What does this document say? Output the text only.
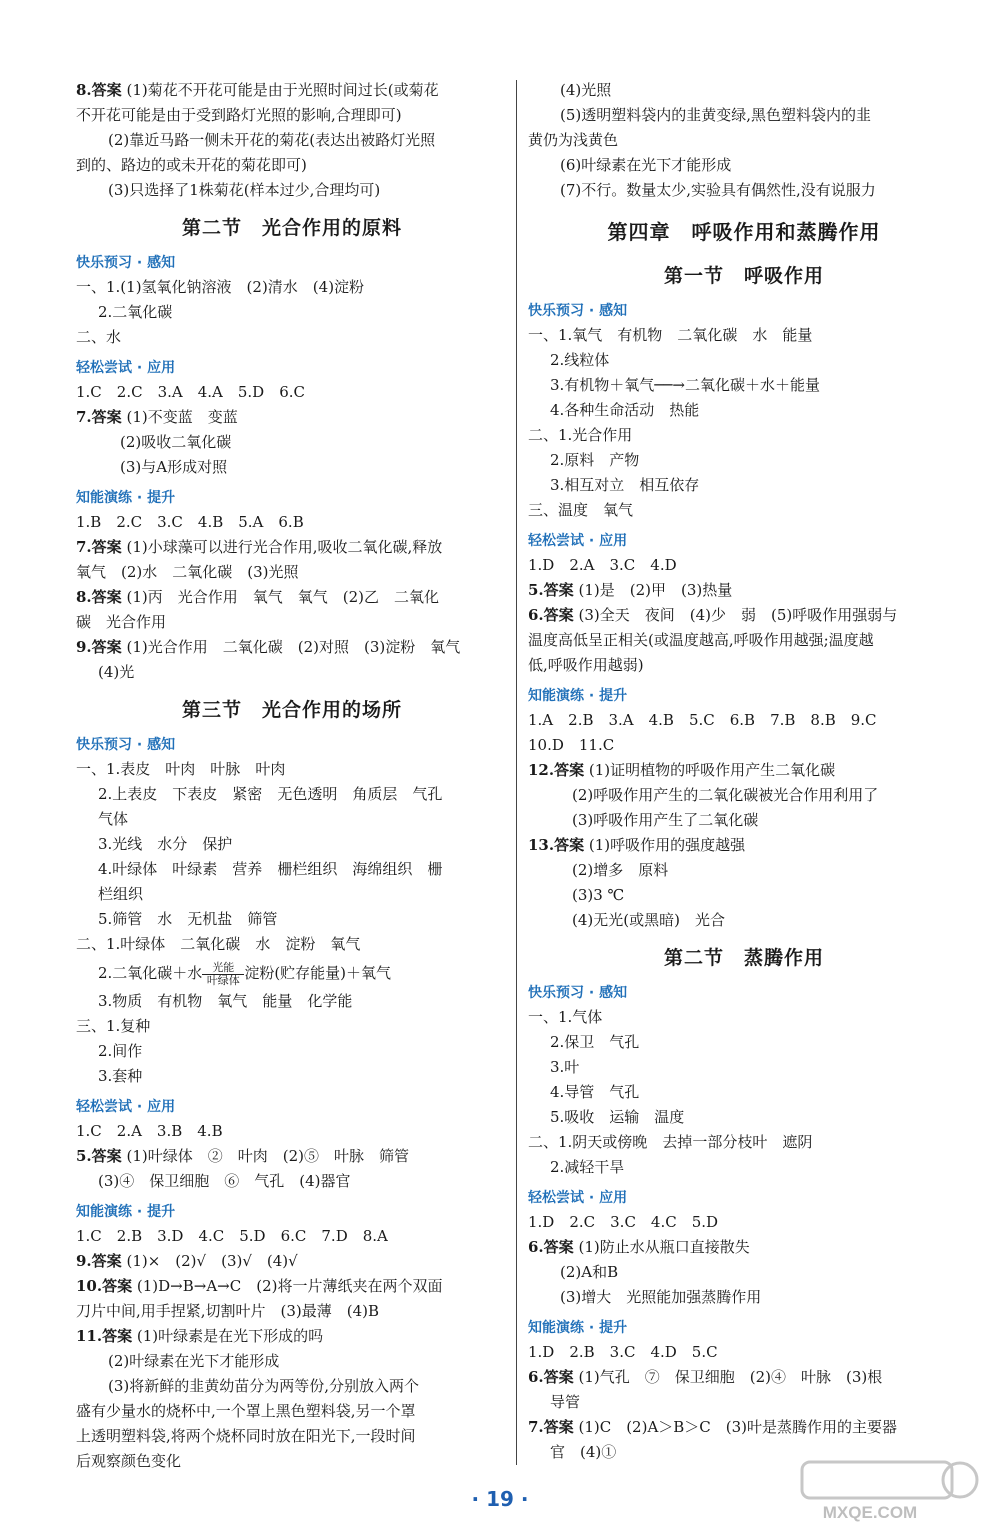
8.答案 (1)菊花不开花可能是由于光照时间过长(或菊花
不开花可能是由于受到路灯光照的影响,合理即可)
(2)靠近马路一侧未开花的菊花(表达出被路灯光照
到的、路边的或未开花的菊花即可)
(3)只选择了1株菊花(样本过少,合理均可)
第二节　光合作用的原料
快乐预习 · 感知
一、1.(1)氢氧化钠溶液　(2)清水　(4)淀粉
2.二氧化碳
二、水
轻松尝试 · 应用
1.C　2.C　3.A　4.A　5.D　6.C
7.答案 (1)不变蓝　变蓝
(2)吸收二氧化碳
(3)与A形成对照
知能演练 · 提升
1.B　2.C　3.C　4.B　5.A　6.B
7.答案 (1)小球藻可以进行光合作用,吸收二氧化碳,释放
氧气　(2)水　二氧化碳　(3)光照
8.答案 (1)丙　光合作用　氧气　氧气　(2)乙　二氧化
碳　光合作用
9.答案 (1)光合作用　二氧化碳　(2)对照　(3)淀粉　氧气
(4)光
第三节　光合作用的场所
快乐预习 · 感知
一、1.表皮　叶肉　叶脉　叶肉
2.上表皮　下表皮　紧密　无色透明　角质层　气孔
气体
3.光线　水分　保护
4.叶绿体　叶绿素　营养　栅栏组织　海绵组织　栅
栏组织
5.筛管　水　无机盐　筛管
二、1.叶绿体　二氧化碳　水　淀粉　氧气
2.二氧化碳＋水 光能
叶绿体 淀粉(贮存能量)＋氧气
3.物质　有机物　氧气　能量　化学能
三、1.复种
2.间作
3.套种
轻松尝试 · 应用
1.C　2.A　3.B　4.B
5.答案 (1)叶绿体　②　叶肉　(2)⑤　叶脉　筛管
(3)④　保卫细胞　⑥　气孔　(4)器官
知能演练 · 提升
1.C　2.B　3.D　4.C　5.D　6.C　7.D　8.A
9.答案 (1)×　(2)√　(3)√　(4)√
10.答案 (1)D→B→A→C　(2)将一片薄纸夹在两个双面
刀片中间,用手捏紧,切割叶片　(3)最薄　(4)B
11.答案 (1)叶绿素是在光下形成的吗
(2)叶绿素在光下才能形成
(3)将新鲜的韭黄幼苗分为两等份,分别放入两个
盛有少量水的烧杯中,一个罩上黑色塑料袋,另一个罩
上透明塑料袋,将两个烧杯同时放在阳光下,一段时间
后观察颜色变化
(4)光照
(5)透明塑料袋内的韭黄变绿,黑色塑料袋内的韭
黄仍为浅黄色
(6)叶绿素在光下才能形成
(7)不行。数量太少,实验具有偶然性,没有说服力
第四章　呼吸作用和蒸腾作用
第一节　呼吸作用
快乐预习 · 感知
一、1.氧气　有机物　二氧化碳　水　能量
2.线粒体
3.有机物＋氧气──→二氧化碳＋水＋能量
4.各种生命活动　热能
二、1.光合作用
2.原料　产物
3.相互对立　相互依存
三、温度　氧气
轻松尝试 · 应用
1.D　2.A　3.C　4.D
5.答案 (1)是　(2)甲　(3)热量
6.答案 (3)全天　夜间　(4)少　弱　(5)呼吸作用强弱与
温度高低呈正相关(或温度越高,呼吸作用越强;温度越
低,呼吸作用越弱)
知能演练 · 提升
1.A　2.B　3.A　4.B　5.C　6.B　7.B　8.B　9.C
10.D　11.C
12.答案 (1)证明植物的呼吸作用产生二氧化碳
(2)呼吸作用产生的二氧化碳被光合作用利用了
(3)呼吸作用产生了二氧化碳
13.答案 (1)呼吸作用的强度越强
(2)增多　原料
(3)3 ℃
(4)无光(或黑暗)　光合
第二节　蒸腾作用
快乐预习 · 感知
一、1.气体
2.保卫　气孔
3.叶
4.导管　气孔
5.吸收　运输　温度
二、1.阴天或傍晚　去掉一部分枝叶　遮阴
2.减轻干旱
轻松尝试 · 应用
1.D　2.C　3.C　4.C　5.D
6.答案 (1)防止水从瓶口直接散失
(2)A和B
(3)增大　光照能加强蒸腾作用
知能演练 · 提升
1.D　2.B　3.C　4.D　5.C
6.答案 (1)气孔　⑦　保卫细胞　(2)④　叶脉　(3)根
导管
7.答案 (1)C　(2)A＞B＞C　(3)叶是蒸腾作用的主要器
官　(4)①
· 19 ·
MXQE.COM
